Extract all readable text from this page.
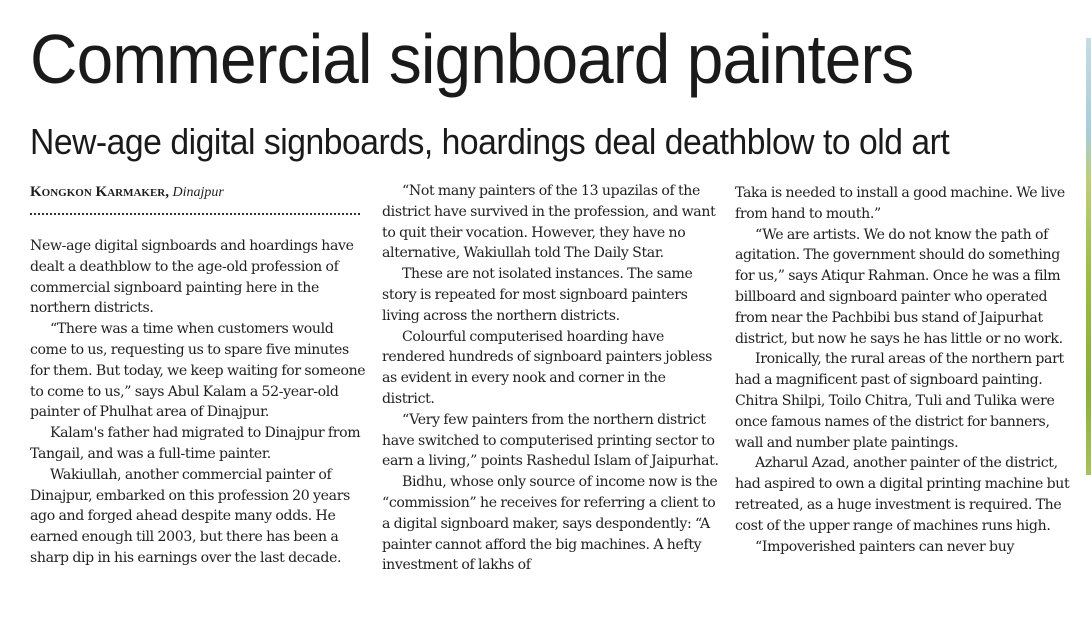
Commercial signboard painters
New-age digital signboards, hoardings deal deathblow to old art
Kongkon Karmaker, Dinajpur

New-age digital signboards and hoardings have dealt a deathblow to the age-old profession of commercial signboard painting here in the northern districts.

“There was a time when customers would come to us, requesting us to spare five minutes for them. But today, we keep waiting for someone to come to us,” says Abul Kalam a 52-year-old painter of Phulhat area of Dinajpur.

Kalam's father had migrated to Dinajpur from Tangail, and was a full-time painter.

Wakiullah, another commercial painter of Dinajpur, embarked on this profession 20 years ago and forged ahead despite many odds. He earned enough till 2003, but there has been a sharp dip in his earnings over the last decade.

“Not many painters of the 13 upazilas of the district have survived in the profession, and want to quit their vocation. However, they have no alternative, Wakiullah told The Daily Star.

These are not isolated instances. The same story is repeated for most signboard painters living across the northern districts.

Colourful computerised hoarding have rendered hundreds of signboard painters jobless as evident in every nook and corner in the district.

“Very few painters from the northern district have switched to computerised printing sector to earn a living,” points Rashedul Islam of Jaipurhat.

Bidhu, whose only source of income now is the “commission” he receives for referring a client to a digital signboard maker, says despondently: “A painter cannot afford the big machines. A hefty investment of lakhs of

Taka is needed to install a good machine. We live from hand to mouth.”

“We are artists. We do not know the path of agitation. The government should do something for us,” says Atiqur Rahman. Once he was a film billboard and signboard painter who operated from near the Pachbibi bus stand of Jaipurhat district, but now he says he has little or no work.

Ironically, the rural areas of the northern part had a magnificent past of signboard painting. Chitra Shilpi, Toilo Chitra, Tuli and Tulika were once famous names of the district for banners, wall and number plate paintings.

Azharul Azad, another painter of the district, had aspired to own a digital printing machine but retreated, as a huge investment is required. The cost of the upper range of machines runs high.

“Impoverished painters can never buy
